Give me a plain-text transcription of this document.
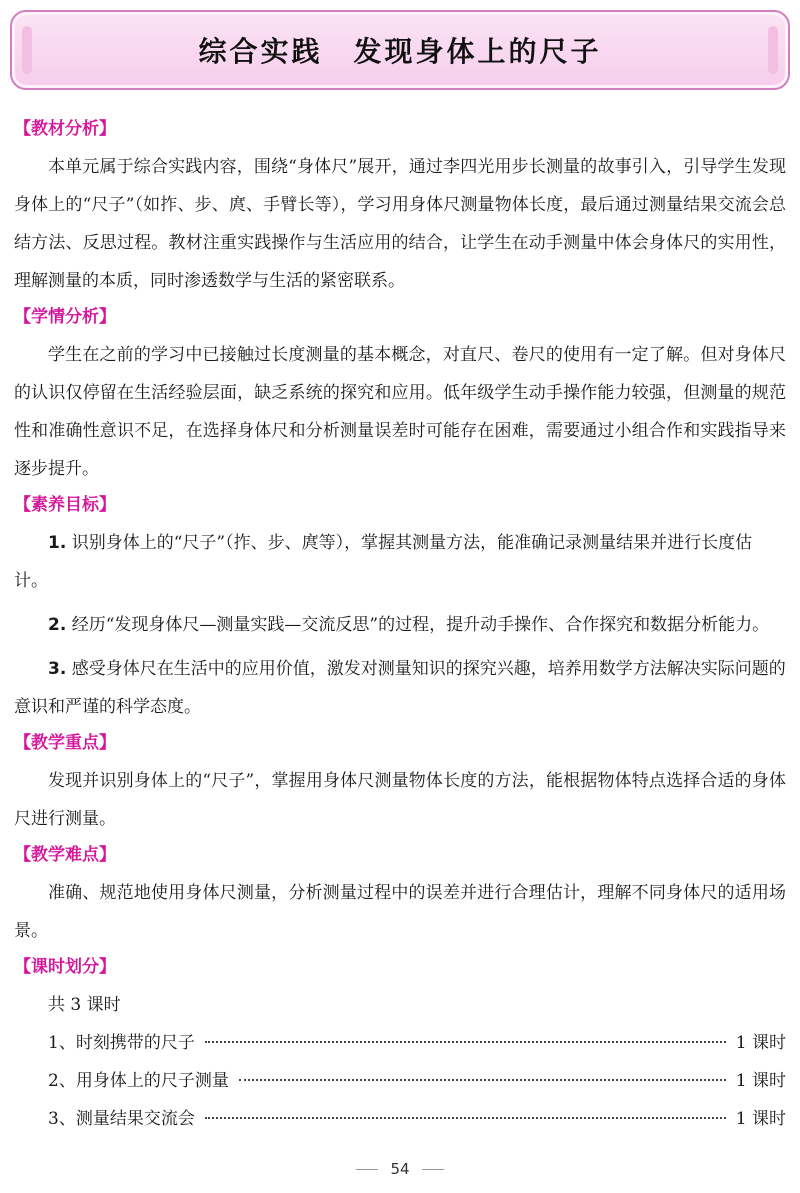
综合实践　发现身体上的尺子
【教材分析】

本单元属于综合实践内容，围绕“身体尺”展开，通过李四光用步长测量的故事引入，引导学生发现身体上的“尺子”（如拃、步、庹、手臂长等），学习用身体尺测量物体长度，最后通过测量结果交流会总结方法、反思过程。教材注重实践操作与生活应用的结合，让学生在动手测量中体会身体尺的实用性，理解测量的本质，同时渗透数学与生活的紧密联系。

【学情分析】

学生在之前的学习中已接触过长度测量的基本概念，对直尺、卷尺的使用有一定了解。但对身体尺的认识仅停留在生活经验层面，缺乏系统的探究和应用。低年级学生动手操作能力较强，但测量的规范性和准确性意识不足，在选择身体尺和分析测量误差时可能存在困难，需要通过小组合作和实践指导来逐步提升。

【素养目标】

1. 识别身体上的“尺子”（拃、步、庹等），掌握其测量方法，能准确记录测量结果并进行长度估计。

2. 经历“发现身体尺—测量实践—交流反思”的过程，提升动手操作、合作探究和数据分析能力。

3. 感受身体尺在生活中的应用价值，激发对测量知识的探究兴趣，培养用数学方法解决实际问题的意识和严谨的科学态度。

【教学重点】

发现并识别身体上的“尺子”，掌握用身体尺测量物体长度的方法，能根据物体特点选择合适的身体尺进行测量。

【教学难点】

准确、规范地使用身体尺测量，分析测量过程中的误差并进行合理估计，理解不同身体尺的适用场景。

【课时划分】
共 3 课时
1、时刻携带的尺子	1 课时
2、用身体上的尺子测量	1 课时
3、测量结果交流会	1 课时
54
